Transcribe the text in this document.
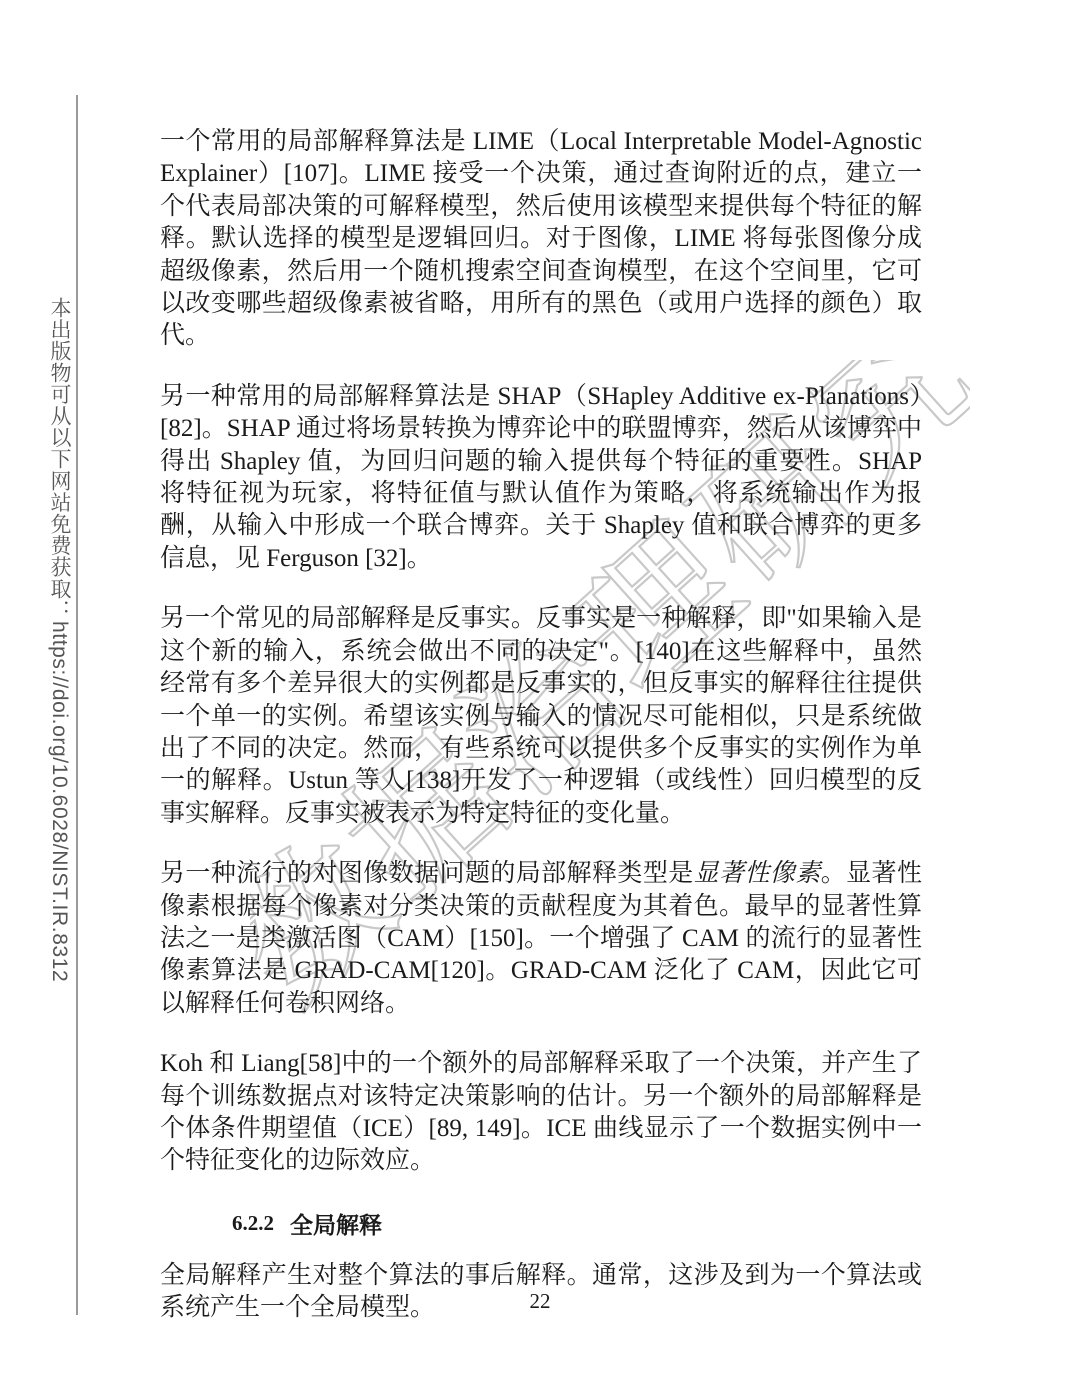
本出版物可从以下网站免费获取：https://doi.org/10.6028/NIST.IR.8312 数据治理研究

一个常用的局部解释算法是 LIME（Local Interpretable Model-Agnostic Explainer）[107]。LIME 接受一个决策，通过查询附近的点，建立一个代表局部决策的可解释模型，然后使用该模型来提供每个特征的解释。默认选择的模型是逻辑回归。对于图像，LIME 将每张图像分成超级像素，然后用一个随机搜索空间查询模型，在这个空间里，它可以改变哪些超级像素被省略，用所有的黑色（或用户选择的颜色）取代。

另一种常用的局部解释算法是 SHAP（SHapley Additive ex-Planations）[82]。SHAP 通过将场景转换为博弈论中的联盟博弈，然后从该博弈中得出 Shapley 值，为回归问题的输入提供每个特征的重要性。SHAP 将特征视为玩家，将特征值与默认值作为策略，将系统输出作为报酬，从输入中形成一个联合博弈。关于 Shapley 值和联合博弈的更多信息，见 Ferguson [32]。

另一个常见的局部解释是反事实。反事实是一种解释，即"如果输入是这个新的输入，系统会做出不同的决定"。[140]在这些解释中，虽然经常有多个差异很大的实例都是反事实的，但反事实的解释往往提供一个单一的实例。希望该实例与输入的情况尽可能相似，只是系统做出了不同的决定。然而，有些系统可以提供多个反事实的实例作为单一的解释。Ustun 等人[138]开发了一种逻辑（或线性）回归模型的反事实解释。反事实被表示为特定特征的变化量。

另一种流行的对图像数据问题的局部解释类型是显著性像素。显著性像素根据每个像素对分类决策的贡献程度为其着色。最早的显著性算法之一是类激活图（CAM）[150]。一个增强了 CAM 的流行的显著性像素算法是 GRAD-CAM[120]。GRAD-CAM 泛化了 CAM，因此它可以解释任何卷积网络。

Koh 和 Liang[58]中的一个额外的局部解释采取了一个决策，并产生了每个训练数据点对该特定决策影响的估计。另一个额外的局部解释是个体条件期望值（ICE）[89, 149]。ICE 曲线显示了一个数据实例中一个特征变化的边际效应。

6.2.2 全局解释

全局解释产生对整个算法的事后解释。通常，这涉及到为一个算法或系统产生一个全局模型。	22
